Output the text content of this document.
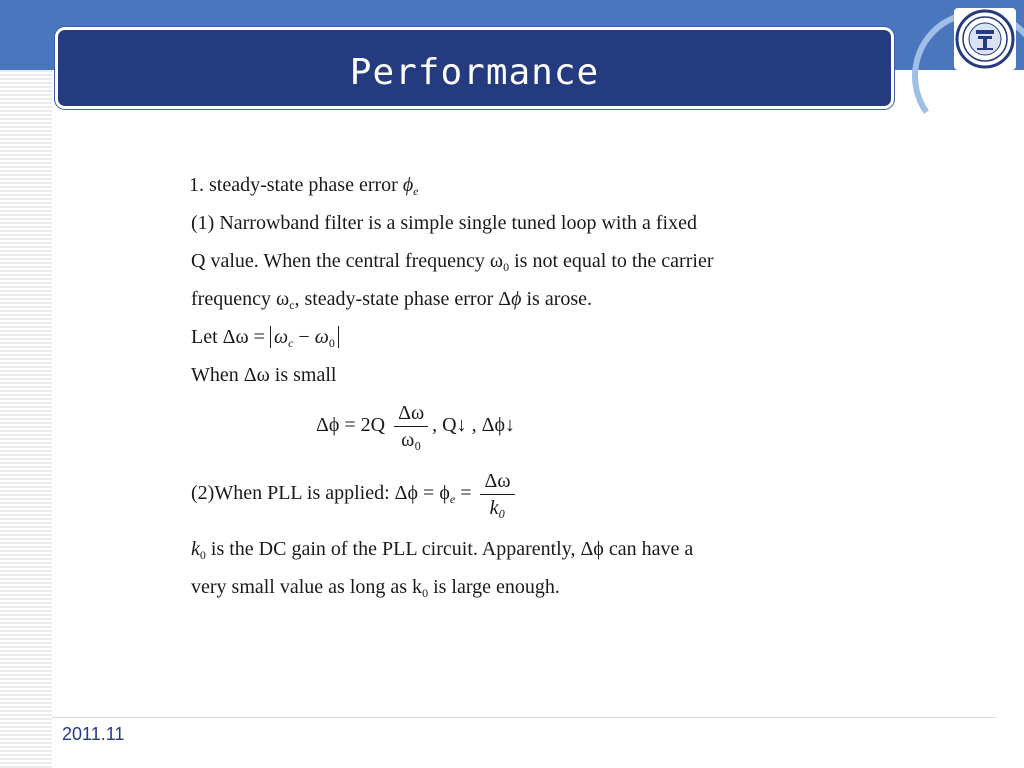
Performance
1. steady-state phase error $\phi_e$
(1) Narrowband filter is a simple single tuned loop with a fixed
Q value. When the central frequency $\omega_0$ is not equal to the carrier
frequency $\omega_c$, steady-state phase error Δϕ is arose.
Let $\Delta\omega = \omega_c - \omega_0$
When Δω is small
$\Delta\phi = 2Q \frac{\Delta\omega}{\text{ω₀}}$ , Q↓ , Δϕ↓
(2)When PLL is applied: $\Delta\phi = \phi_e = \frac{\Delta\omega}{\text{k₀}}$
$k_0$ is the DC gain of the PLL circuit. Apparently, Δϕ can have a
very small value as long as $k_0$ is large enough.
2011.11
